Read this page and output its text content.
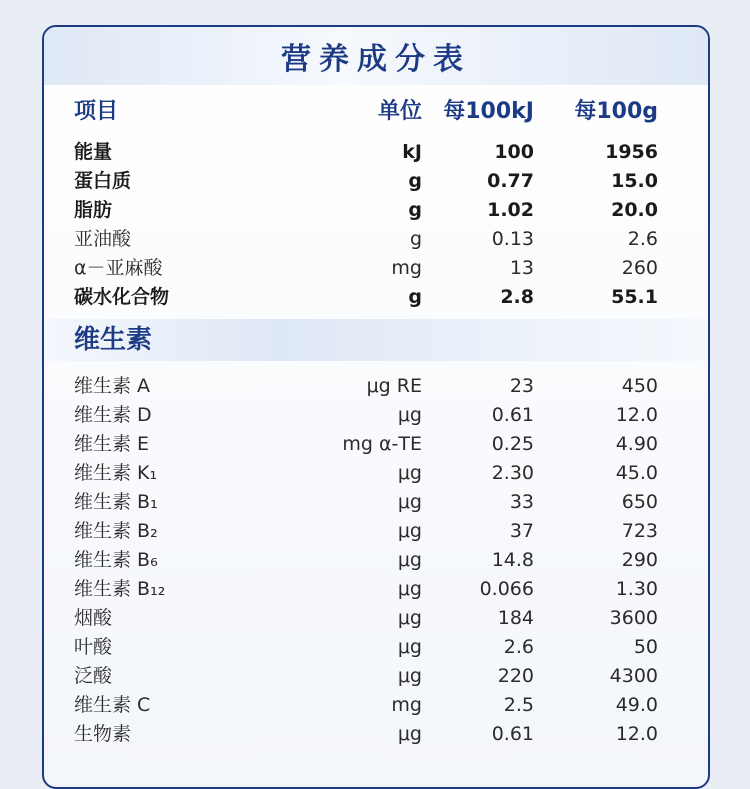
营养成分表
项目	单位 每100kJ 每100g
能量	kJ	100	1956
蛋白质	g	0.77	15.0
脂肪	g	1.02	20.0
亚油酸	g	0.13	2.6
α－亚麻酸	mg	13	260
碳水化合物	g	2.8	55.1
维生素
维生素 A	μg RE	23	450
维生素 D	μg	0.61	12.0
维生素 E	mg α-TE	0.25	4.90
维生素 K₁	μg	2.30	45.0
维生素 B₁	μg	33	650
维生素 B₂	μg	37	723
维生素 B₆	μg	14.8	290
维生素 B₁₂	μg	0.066	1.30
烟酸	μg	184	3600
叶酸	μg	2.6	50
泛酸	μg	220	4300
维生素 C	mg	2.5	49.0
生物素	μg	0.61	12.0
